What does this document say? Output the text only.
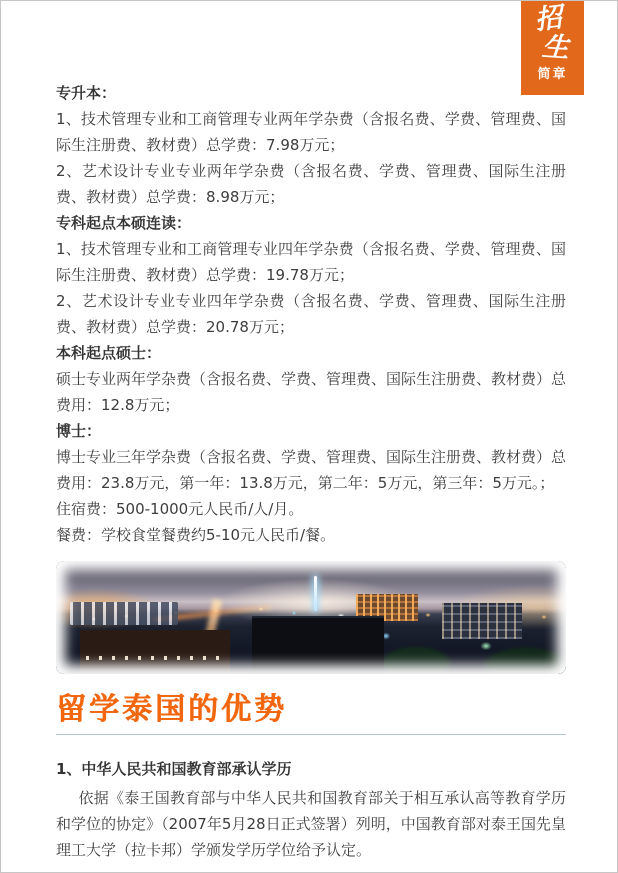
招
生
简章

专升本：

1、技术管理专业和工商管理专业两年学杂费（含报名费、学费、管理费、国际生注册费、教材费）总学费：7.98万元；

2、艺术设计专业专业两年学杂费（含报名费、学费、管理费、国际生注册费、教材费）总学费：8.98万元；

专科起点本硕连读：

1、技术管理专业和工商管理专业四年学杂费（含报名费、学费、管理费、国际生注册费、教材费）总学费：19.78万元；

2、艺术设计专业专业四年学杂费（含报名费、学费、管理费、国际生注册费、教材费）总学费：20.78万元；

本科起点硕士：

硕士专业两年学杂费（含报名费、学费、管理费、国际生注册费、教材费）总费用：12.8万元；

博士：

博士专业三年学杂费（含报名费、学费、管理费、国际生注册费、教材费）总费用：23.8万元，第一年：13.8万元，第二年：5万元，第三年：5万元。；

住宿费：500-1000元人民币/人/月。

餐费：学校食堂餐费约5-10元人民币/餐。

留学泰国的优势

1、中华人民共和国教育部承认学历

依据《泰王国教育部与中华人民共和国教育部关于相互承认高等教育学历和学位的协定》（2007年5月28日正式签署）列明，中国教育部对泰王国先皇理工大学（拉卡邦）学颁发学历学位给予认定。
